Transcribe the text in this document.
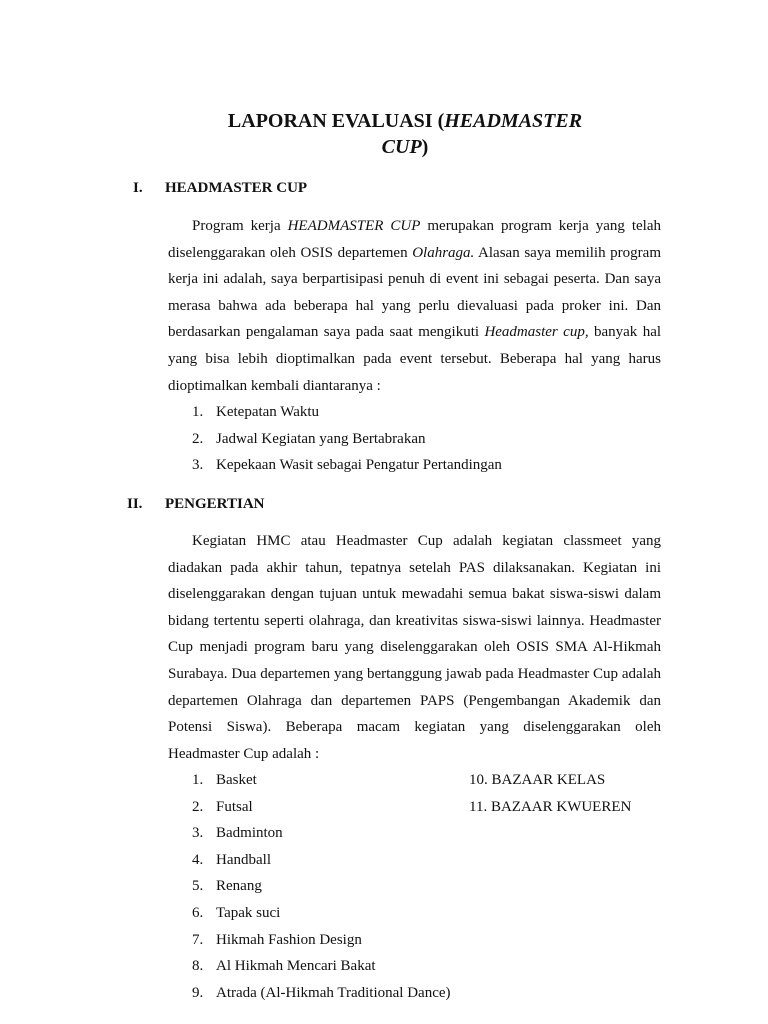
LAPORAN EVALUASI (HEADMASTER
CUP)
I. HEADMASTER CUP

Program kerja HEADMASTER CUP merupakan program kerja yang telah diselenggarakan oleh OSIS departemen Olahraga. Alasan saya memilih program kerja ini adalah, saya berpartisipasi penuh di event ini sebagai peserta. Dan saya merasa bahwa ada beberapa hal yang perlu dievaluasi pada proker ini. Dan berdasarkan pengalaman saya pada saat mengikuti Headmaster cup, banyak hal yang bisa lebih dioptimalkan pada event tersebut. Beberapa hal yang harus dioptimalkan kembali diantaranya :

1. Ketepatan Waktu
2. Jadwal Kegiatan yang Bertabrakan
3. Kepekaan Wasit sebagai Pengatur Pertandingan
II. PENGERTIAN

Kegiatan HMC atau Headmaster Cup adalah kegiatan classmeet yang diadakan pada akhir tahun, tepatnya setelah PAS dilaksanakan. Kegiatan ini diselenggarakan dengan tujuan untuk mewadahi semua bakat siswa-siswi dalam bidang tertentu seperti olahraga, dan kreativitas siswa-siswi lainnya. Headmaster Cup menjadi program baru yang diselenggarakan oleh OSIS SMA Al-Hikmah Surabaya. Dua departemen yang bertanggung jawab pada Headmaster Cup adalah departemen Olahraga dan departemen PAPS (Pengembangan Akademik dan Potensi Siswa). Beberapa macam kegiatan yang diselenggarakan oleh Headmaster Cup adalah :

1. Basket
2. Futsal
3. Badminton
4. Handball
5. Renang
6. Tapak suci
7. Hikmah Fashion Design
8. Al Hikmah Mencari Bakat
9. Atrada (Al-Hikmah Traditional Dance)
10. BAZAAR KELAS
11. BAZAAR KWUEREN
